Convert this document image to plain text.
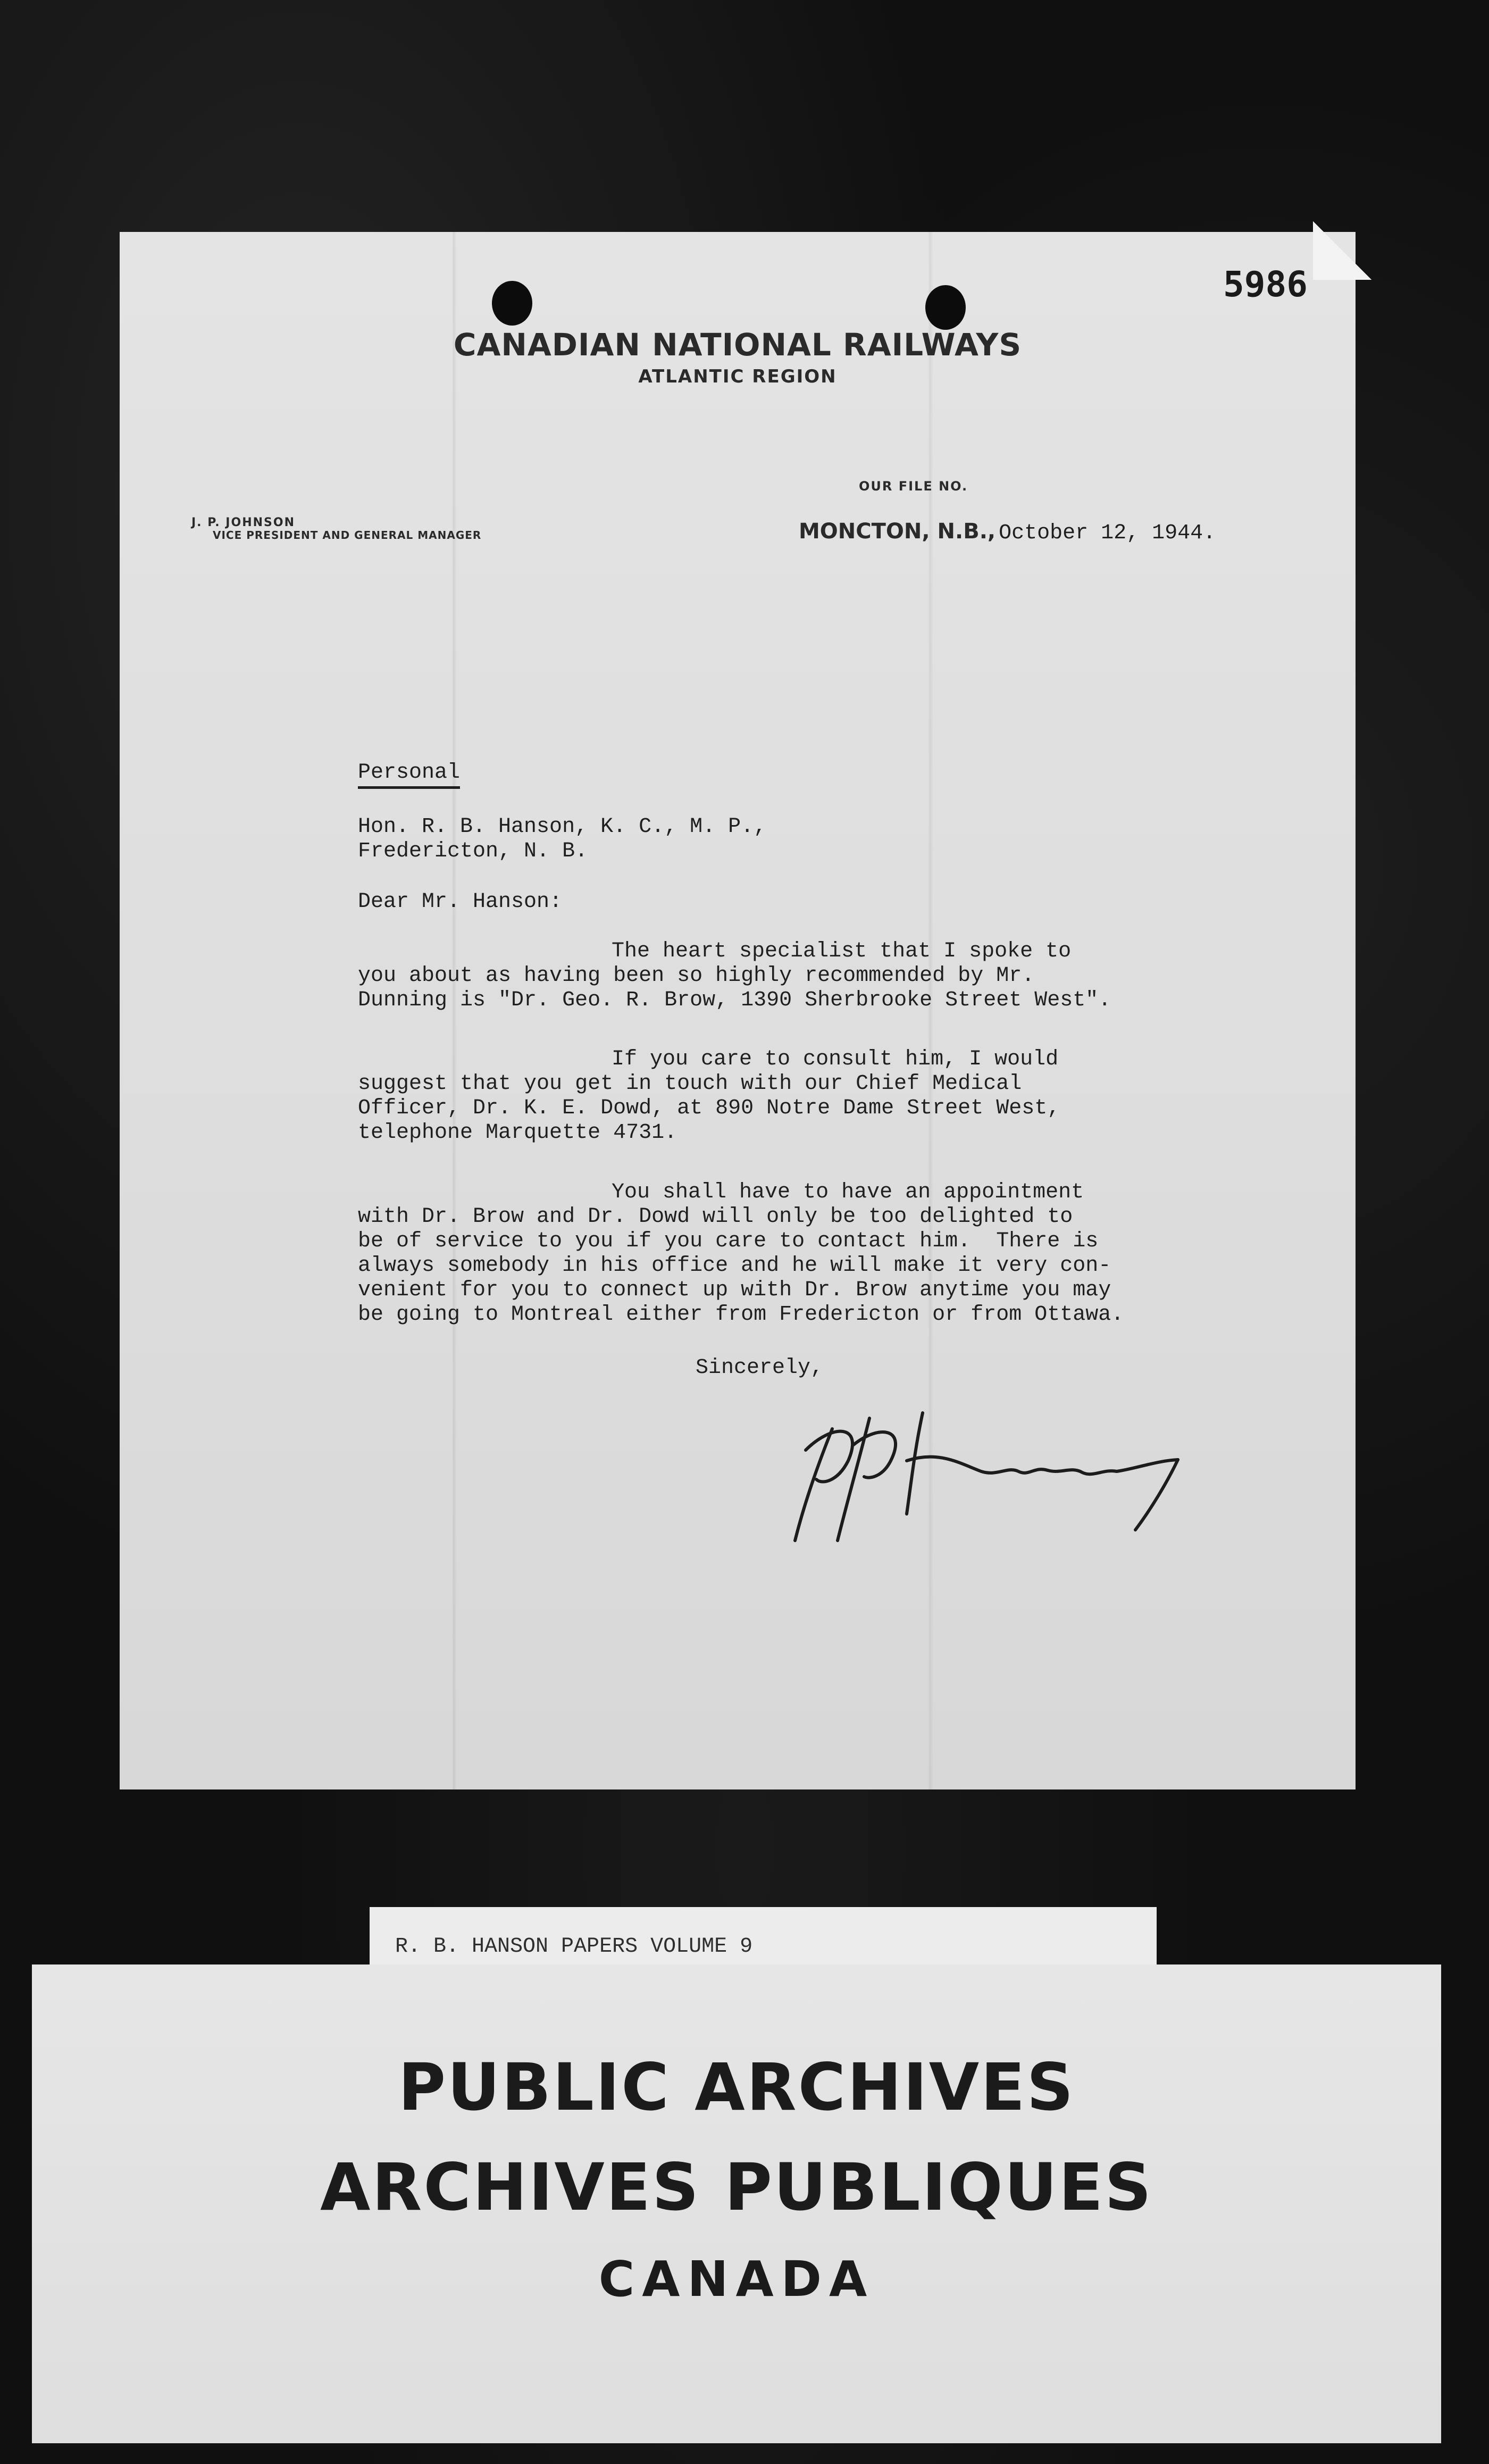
5986
CANADIAN NATIONAL RAILWAYS
ATLANTIC REGION
OUR FILE NO.
J. P. JOHNSON
VICE PRESIDENT AND GENERAL MANAGER	MONCTON, N.B., October 12, 1944.
Personal
Hon. R. B. Hanson, K. C., M. P.,
Fredericton, N. B.
Dear Mr. Hanson:
The heart specialist that I spoke to
you about as having been so highly recommended by Mr.
Dunning is "Dr. Geo. R. Brow, 1390 Sherbrooke Street West".
If you care to consult him, I would
suggest that you get in touch with our Chief Medical
Officer, Dr. K. E. Dowd, at 890 Notre Dame Street West,
telephone Marquette 4731.
You shall have to have an appointment
with Dr. Brow and Dr. Dowd will only be too delighted to
be of service to you if you care to contact him.  There is
always somebody in his office and he will make it very con-
venient for you to connect up with Dr. Brow anytime you may
be going to Montreal either from Fredericton or from Ottawa.
Sincerely,
R. B. HANSON PAPERS VOLUME 9
PUBLIC ARCHIVES
ARCHIVES PUBLIQUES
CANADA
